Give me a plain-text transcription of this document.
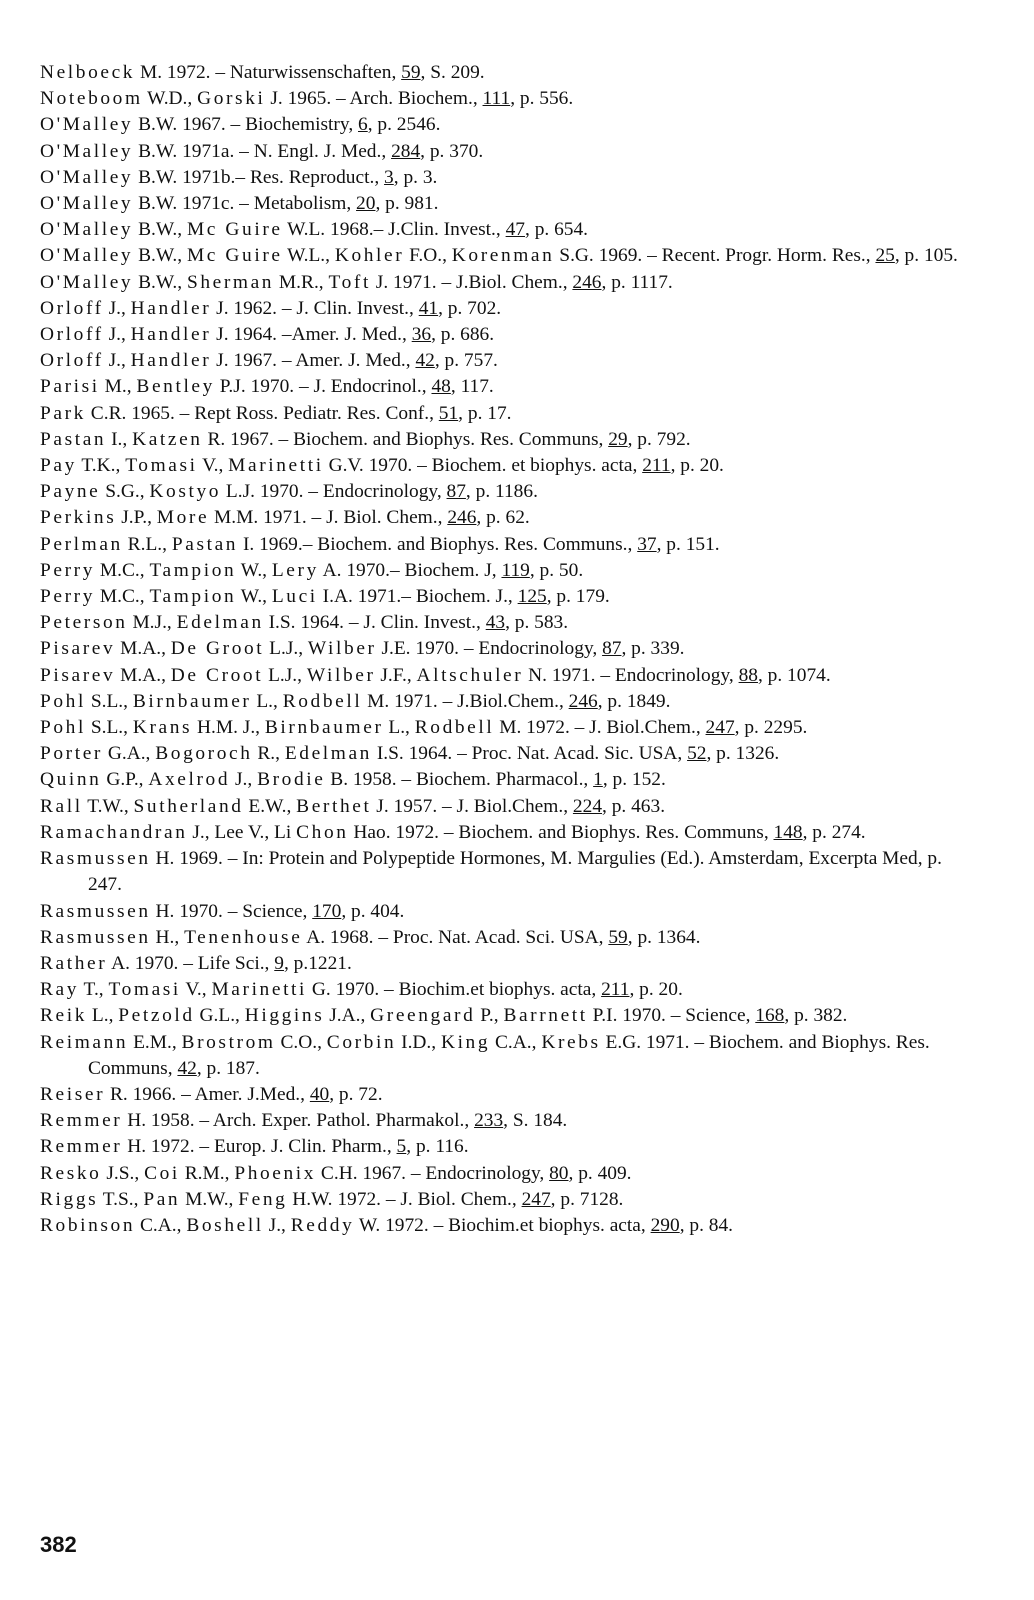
Nelboeck M. 1972. – Naturwissenschaften, 59, S. 209.
Noteboom W.D., Gorski J. 1965. – Arch. Biochem., 111, p. 556.
O'Malley B.W. 1967. – Biochemistry, 6, p. 2546.
O'Malley B.W. 1971a. – N. Engl. J. Med., 284, p. 370.
O'Malley B.W. 1971b.– Res. Reproduct., 3, p. 3.
O'Malley B.W. 1971c. – Metabolism, 20, p. 981.
O'Malley B.W., Mc Guire W.L. 1968.– J.Clin. Invest., 47, p. 654.
O'Malley B.W., Mc Guire W.L., Kohler F.O., Korenman S.G. 1969. – Recent. Progr. Horm. Res., 25, p. 105.
O'Malley B.W., Sherman M.R., Toft J. 1971. – J.Biol. Chem., 246, p. 1117.
Orloff J., Handler J. 1962. – J. Clin. Invest., 41, p. 702.
Orloff J., Handler J. 1964. –Amer. J. Med., 36, p. 686.
Orloff J., Handler J. 1967. – Amer. J. Med., 42, p. 757.
Parisi M., Bentley P.J. 1970. – J. Endocrinol., 48, 117.
Park C.R. 1965. – Rept Ross. Pediatr. Res. Conf., 51, p. 17.
Pastan I., Katzen R. 1967. – Biochem. and Biophys. Res. Communs, 29, p. 792.
Pay T.K., Tomasi V., Marinetti G.V. 1970. – Biochem. et biophys. acta, 211, p. 20.
Payne S.G., Kostyo L.J. 1970. – Endocrinology, 87, p. 1186.
Perkins J.P., More M.M. 1971. – J. Biol. Chem., 246, p. 62.
Perlman R.L., Pastan I. 1969.– Biochem. and Biophys. Res. Communs., 37, p. 151.
Perry M.C., Tampion W., Lery A. 1970.– Biochem. J, 119, p. 50.
Perry M.C., Tampion W., Luci I.A. 1971.– Biochem. J., 125, p. 179.
Peterson M.J., Edelman I.S. 1964. – J. Clin. Invest., 43, p. 583.
Pisarev M.A., De Groot L.J., Wilber J.E. 1970. – Endocrinology, 87, p. 339.
Pisarev M.A., De Croot L.J., Wilber J.F., Altschuler N. 1971. – Endocrinology, 88, p. 1074.
Pohl S.L., Birnbaumer L., Rodbell M. 1971. – J.Biol.Chem., 246, p. 1849.
Pohl S.L., Krans H.M. J., Birnbaumer L., Rodbell M. 1972. – J. Biol.Chem., 247, p. 2295.
Porter G.A., Bogoroch R., Edelman I.S. 1964. – Proc. Nat. Acad. Sic. USA, 52, p. 1326.
Quinn G.P., Axelrod J., Brodie B. 1958. – Biochem. Pharmacol., 1, p. 152.
Rall T.W., Sutherland E.W., Berthet J. 1957. – J. Biol.Chem., 224, p. 463.
Ramachandran J., Lee V., Li Chon Hao. 1972. – Biochem. and Biophys. Res. Communs, 148, p. 274.
Rasmussen H. 1969. – In: Protein and Polypeptide Hormones, M. Margulies (Ed.). Amsterdam, Excerpta Med, p. 247.
Rasmussen H. 1970. – Science, 170, p. 404.
Rasmussen H., Tenenhouse A. 1968. – Proc. Nat. Acad. Sci. USA, 59, p. 1364.
Rather A. 1970. – Life Sci., 9, p.1221.
Ray T., Tomasi V., Marinetti G. 1970. – Biochim.et biophys. acta, 211, p. 20.
Reik L., Petzold G.L., Higgins J.A., Greengard P., Barrnett P.I. 1970. – Science, 168, p. 382.
Reimann E.M., Brostrom C.O., Corbin I.D., King C.A., Krebs E.G. 1971. – Biochem. and Biophys. Res. Communs, 42, p. 187.
Reiser R. 1966. – Amer. J.Med., 40, p. 72.
Remmer H. 1958. – Arch. Exper. Pathol. Pharmakol., 233, S. 184.
Remmer H. 1972. – Europ. J. Clin. Pharm., 5, p. 116.
Resko J.S., Coi R.M., Phoenix C.H. 1967. – Endocrinology, 80, p. 409.
Riggs T.S., Pan M.W., Feng H.W. 1972. – J. Biol. Chem., 247, p. 7128.
Robinson C.A., Boshell J., Reddy W. 1972. – Biochim.et biophys. acta, 290, p. 84.
382
